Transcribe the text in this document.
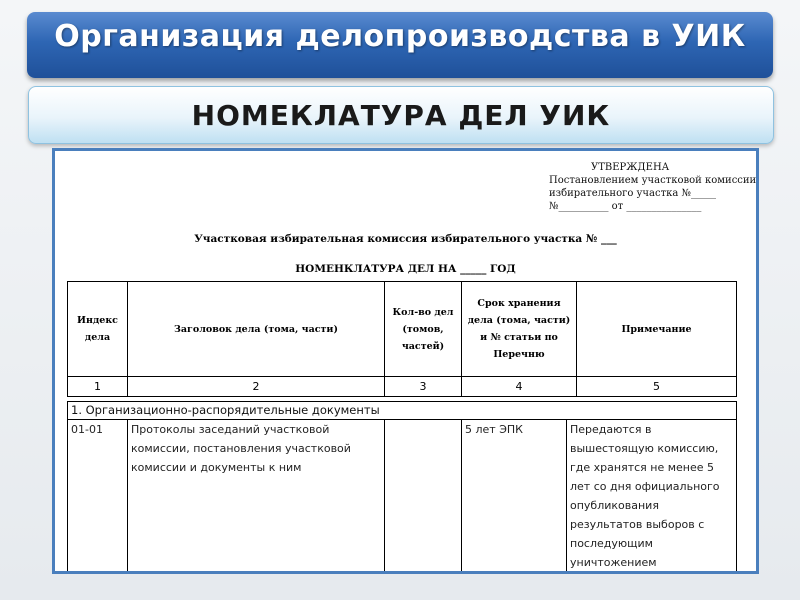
Организация делопроизводства в УИК
НОМЕКЛАТУРА ДЕЛ УИК
УТВЕРЖДЕНА
Постановлением участковой комиссии
избирательного участка №_____
№__________ от _______________
Участковая избирательная комиссия избирательного участка № ___
НОМЕНКЛАТУРА ДЕЛ НА _____ ГОД
Индекс дела	Заголовок дела (тома, части)	Кол-во дел (томов, частей)	Срок хранения дела (тома, части) и № статьи по Перечню	Примечание
1	2	3	4	5
1. Организационно-распорядительные документы
01-01	Протоколы заседаний участковой комиссии, постановления участковой комиссии и документы к ним		5 лет ЭПК	Передаются в вышестоящую комиссию, где хранятся не менее 5 лет со дня официального опубликования результатов выборов с последующим уничтожением
